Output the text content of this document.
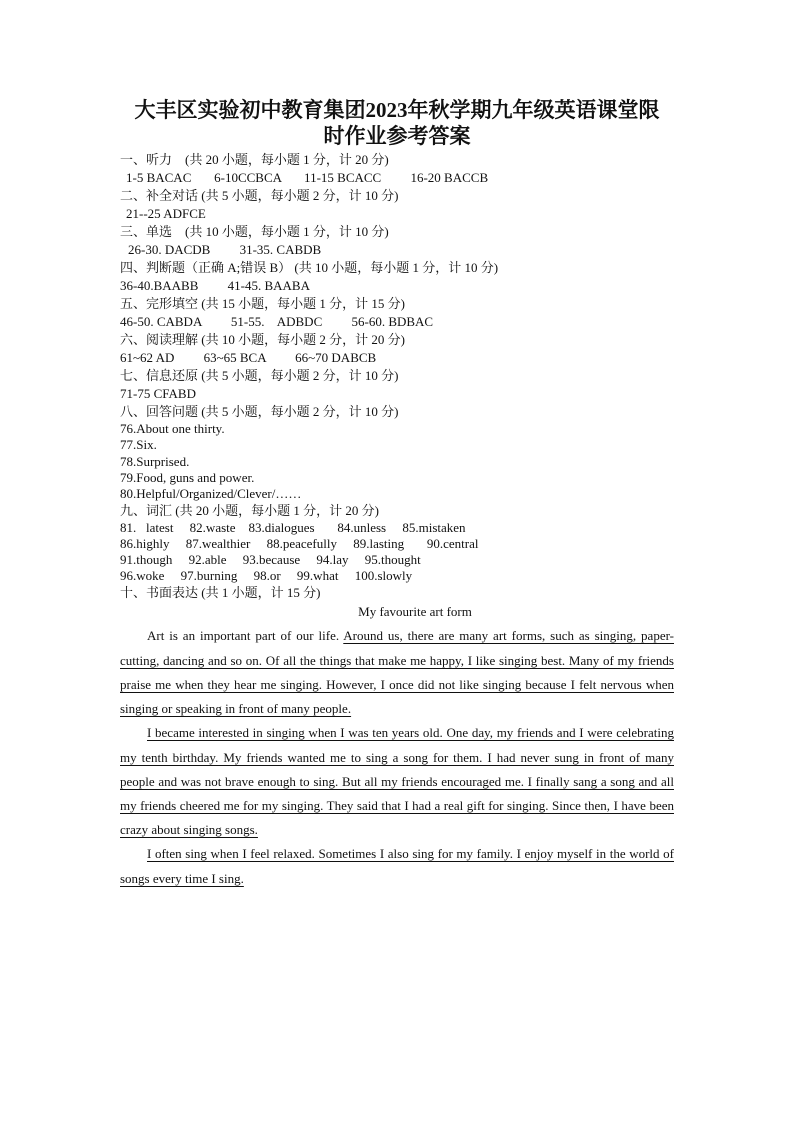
大丰区实验初中教育集团2023年秋学期九年级英语课堂限
时作业参考答案
一、听力　(共 20 小题，每小题 1 分，计 20 分)
1-5 BACAC       6-10CCBCA       11-15 BCACC         16-20 BACCB
二、补全对话 (共 5 小题，每小题 2 分，计 10 分)
21--25 ADFCE
三、单选　(共 10 小题，每小题 1 分，计 10 分)
26-30. DACDB         31-35. CABDB
四、判断题（正确 A;错误 B） (共 10 小题，每小题 1 分，计 10 分)
36-40.BAABB         41-45. BAABA
五、完形填空 (共 15 小题，每小题 1 分，计 15 分)
46-50. CABDA         51-55.    ADBDC         56-60. BDBAC
六、阅读理解 (共 10 小题，每小题 2 分，计 20 分)
61~62 AD         63~65 BCA         66~70 DABCB
七、信息还原 (共 5 小题，每小题 2 分，计 10 分)
71-75 CFABD
八、回答问题 (共 5 小题，每小题 2 分，计 10 分)
76.About one thirty.
77.Six.
78.Surprised.
79.Food, guns and power.
80.Helpful/Organized/Clever/……
九、词汇 (共 20 小题，每小题 1 分，计 20 分)
81.   latest     82.waste    83.dialogues       84.unless     85.mistaken
86.highly     87.wealthier     88.peacefully     89.lasting       90.central
91.though     92.able     93.because     94.lay     95.thought
96.woke     97.burning     98.or     99.what     100.slowly
十、书面表达 (共 1 小题，计 15 分)
My favourite art form

Art is an important part of our life. Around us, there are many art forms, such as singing, paper-cutting, dancing and so on. Of all the things that make me happy, I like singing best. Many of my friends praise me when they hear me singing. However, I once did not like singing because I felt nervous when singing or speaking in front of many people.

I became interested in singing when I was ten years old. One day, my friends and I were celebrating my tenth birthday. My friends wanted me to sing a song for them. I had never sung in front of many people and was not brave enough to sing. But all my friends encouraged me. I finally sang a song and all my friends cheered me for my singing. They said that I had a real gift for singing. Since then, I have been crazy about singing songs.

I often sing when I feel relaxed. Sometimes I also sing for my family. I enjoy myself in the world of songs every time I sing.
